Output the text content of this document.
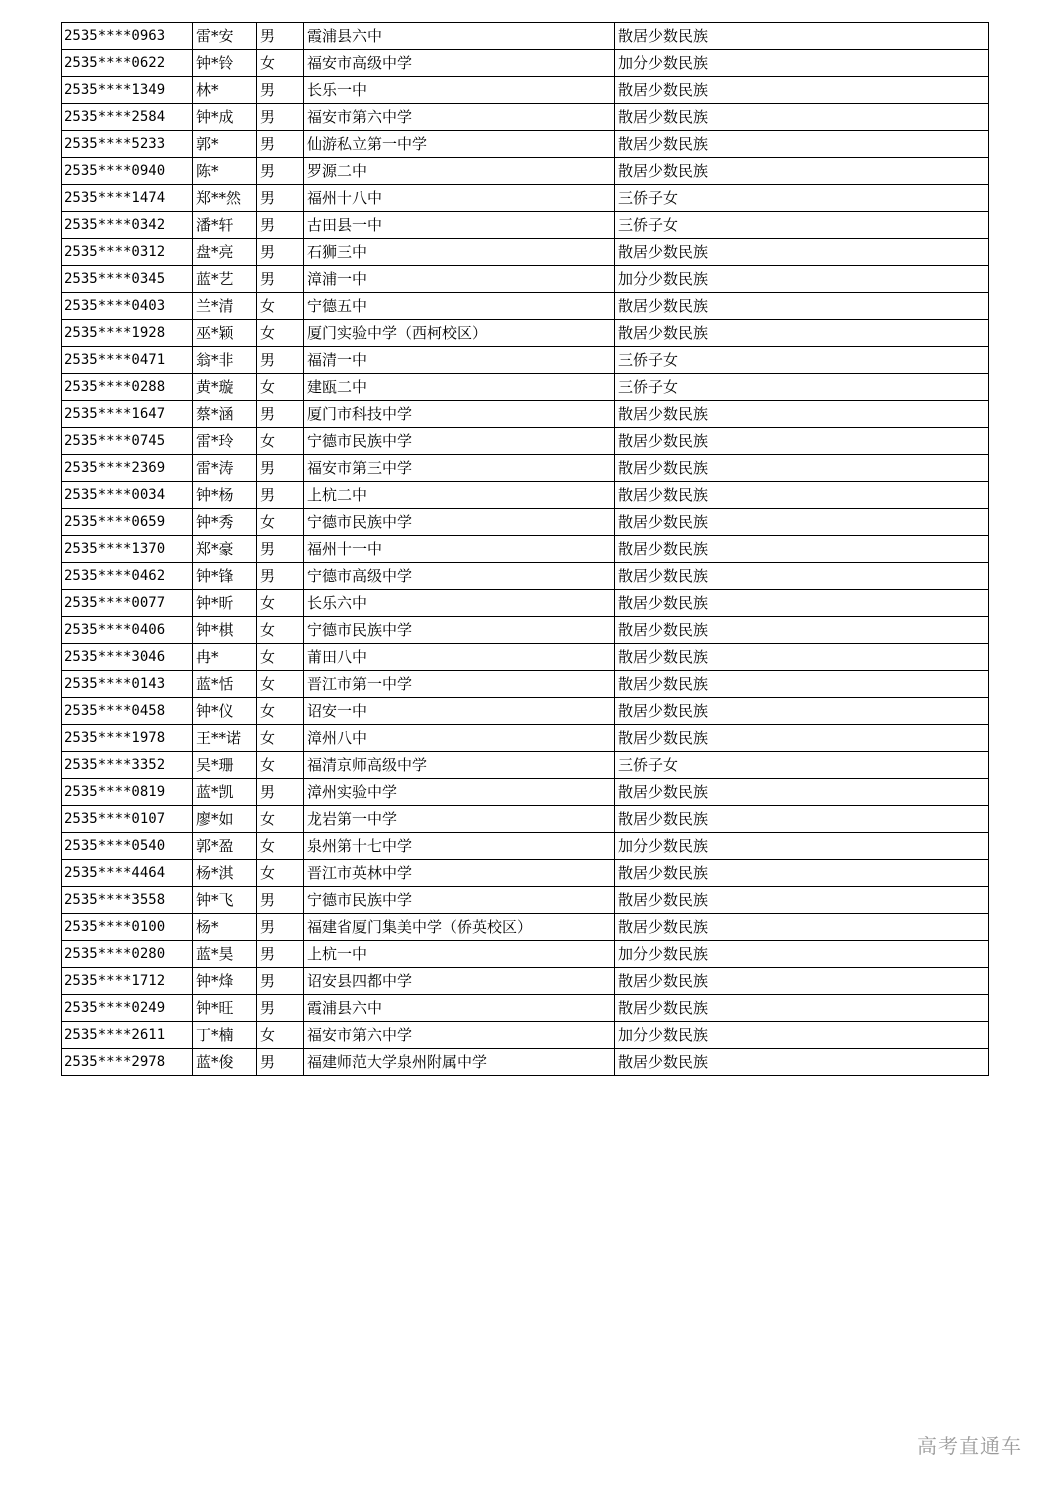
2535****0963	雷*安	男	霞浦县六中	散居少数民族
2535****0622	钟*铃	女	福安市高级中学	加分少数民族
2535****1349	林*	男	长乐一中	散居少数民族
2535****2584	钟*成	男	福安市第六中学	散居少数民族
2535****5233	郭*	男	仙游私立第一中学	散居少数民族
2535****0940	陈*	男	罗源二中	散居少数民族
2535****1474	郑**然	男	福州十八中	三侨子女
2535****0342	潘*轩	男	古田县一中	三侨子女
2535****0312	盘*亮	男	石狮三中	散居少数民族
2535****0345	蓝*艺	男	漳浦一中	加分少数民族
2535****0403	兰*清	女	宁德五中	散居少数民族
2535****1928	巫*颖	女	厦门实验中学（西柯校区）	散居少数民族
2535****0471	翁*非	男	福清一中	三侨子女
2535****0288	黄*璇	女	建瓯二中	三侨子女
2535****1647	蔡*涵	男	厦门市科技中学	散居少数民族
2535****0745	雷*玲	女	宁德市民族中学	散居少数民族
2535****2369	雷*涛	男	福安市第三中学	散居少数民族
2535****0034	钟*杨	男	上杭二中	散居少数民族
2535****0659	钟*秀	女	宁德市民族中学	散居少数民族
2535****1370	郑*豪	男	福州十一中	散居少数民族
2535****0462	钟*锋	男	宁德市高级中学	散居少数民族
2535****0077	钟*昕	女	长乐六中	散居少数民族
2535****0406	钟*棋	女	宁德市民族中学	散居少数民族
2535****3046	冉*	女	莆田八中	散居少数民族
2535****0143	蓝*恬	女	晋江市第一中学	散居少数民族
2535****0458	钟*仪	女	诏安一中	散居少数民族
2535****1978	王**诺	女	漳州八中	散居少数民族
2535****3352	吴*珊	女	福清京师高级中学	三侨子女
2535****0819	蓝*凯	男	漳州实验中学	散居少数民族
2535****0107	廖*如	女	龙岩第一中学	散居少数民族
2535****0540	郭*盈	女	泉州第十七中学	加分少数民族
2535****4464	杨*淇	女	晋江市英林中学	散居少数民族
2535****3558	钟*飞	男	宁德市民族中学	散居少数民族
2535****0100	杨*	男	福建省厦门集美中学（侨英校区）	散居少数民族
2535****0280	蓝*昊	男	上杭一中	加分少数民族
2535****1712	钟*烽	男	诏安县四都中学	散居少数民族
2535****0249	钟*旺	男	霞浦县六中	散居少数民族
2535****2611	丁*楠	女	福安市第六中学	加分少数民族
2535****2978	蓝*俊	男	福建师范大学泉州附属中学	散居少数民族
高考直通车
